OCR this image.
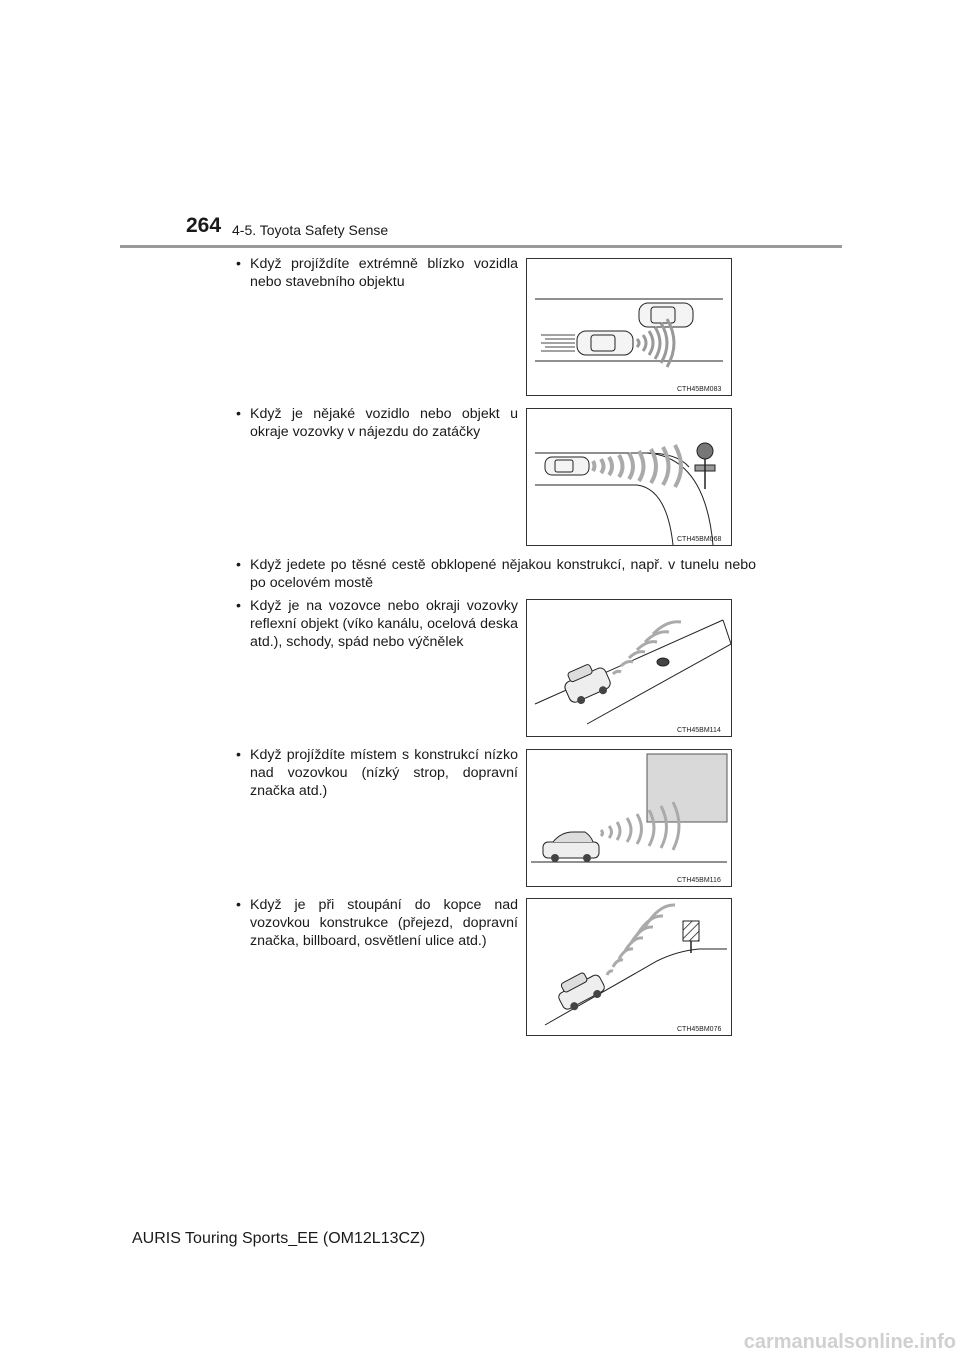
264 4-5. Toyota Safety Sense
• Když projíždíte extrémně blízko vozidla nebo stavebního objektu
CTH45BM083
• Když je nějaké vozidlo nebo objekt u okraje vozovky v nájezdu do zatáčky
CTH45BM068
• Když jedete po těsné cestě obklopené nějakou konstrukcí, např. v tunelu nebo po ocelovém mostě
• Když je na vozovce nebo okraji vozovky reflexní objekt (víko kanálu, ocelová deska atd.), schody, spád nebo výčnělek
CTH45BM114
• Když projíždíte místem s konstrukcí nízko nad vozovkou (nízký strop, dopravní značka atd.)
CTH45BM116
• Když je při stoupání do kopce nad vozovkou konstrukce (přejezd, dopravní značka, billboard, osvětlení ulice atd.)
CTH45BM076
AURIS Touring Sports_EE (OM12L13CZ)
carmanualsonline.info
